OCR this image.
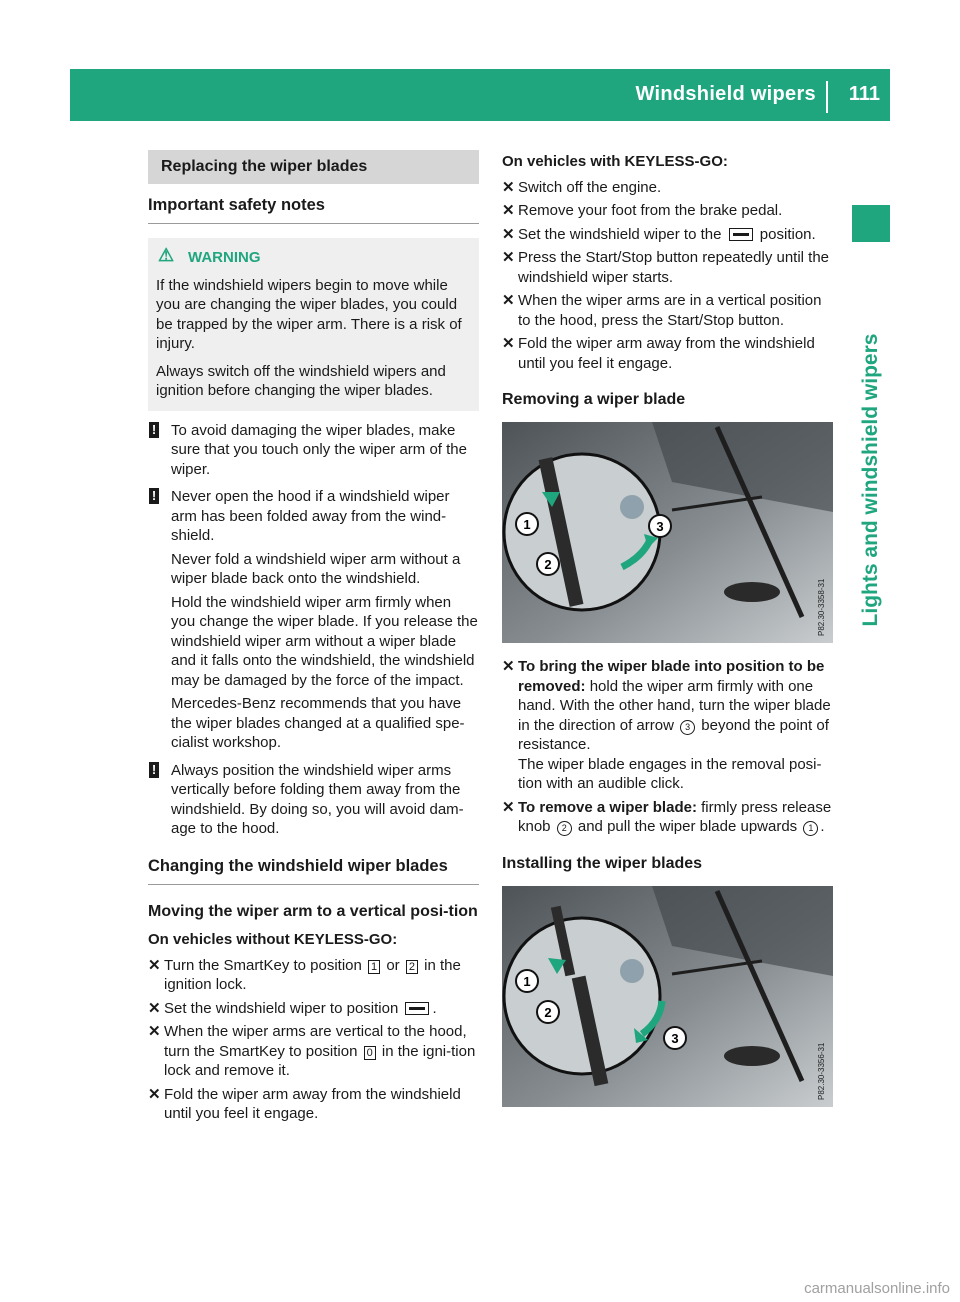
Windshield wipers 111
Lights and windshield wipers
Replacing the wiper blades
Important safety notes
⚠ WARNING

If the windshield wipers begin to move while you are changing the wiper blades, you could be trapped by the wiper arm. There is a risk of injury.

Always switch off the windshield wipers and ignition before changing the wiper blades.

! To avoid damaging the wiper blades, make sure that you touch only the wiper arm of the wiper.

! Never open the hood if a windshield wiper arm has been folded away from the wind-shield.

Never fold a windshield wiper arm without a wiper blade back onto the windshield.

Hold the windshield wiper arm firmly when you change the wiper blade. If you release the windshield wiper arm without a wiper blade and it falls onto the windshield, the windshield may be damaged by the force of the impact.

Mercedes-Benz recommends that you have the wiper blades changed at a qualified spe-cialist workshop.

! Always position the windshield wiper arms vertically before folding them away from the windshield. By doing so, you will avoid dam-age to the hood.

Changing the windshield wiper blades
Moving the wiper arm to a vertical posi-tion
On vehicles without KEYLESS-GO:
✕ Turn the SmartKey to position 1 or 2 in the ignition lock.
✕ Set the windshield wiper to position .
✕ When the wiper arms are vertical to the hood, turn the SmartKey to position 0 in the igni-tion lock and remove it.
✕ Fold the wiper arm away from the windshield until you feel it engage.
On vehicles with KEYLESS-GO:
✕ Switch off the engine.
✕ Remove your foot from the brake pedal.
✕ Set the windshield wiper to the	position.
✕ Press the Start/Stop button repeatedly until the windshield wiper starts.
✕ When the wiper arms are in a vertical position to the hood, press the Start/Stop button.
✕ Fold the wiper arm away from the windshield until you feel it engage.
Removing a wiper blade
1
2
3
P82.30-3358-31
✕ To bring the wiper blade into position to be removed: hold the wiper arm firmly with one hand. With the other hand, turn the wiper blade in the direction of arrow 3 beyond the point of resistance.
The wiper blade engages in the removal posi-tion with an audible click.
✕ To remove a wiper blade: firmly press release knob 2 and pull the wiper blade upwards 1 .
Installing the wiper blades
1
2
3
P82.30-3356-31
carmanualsonline.info
